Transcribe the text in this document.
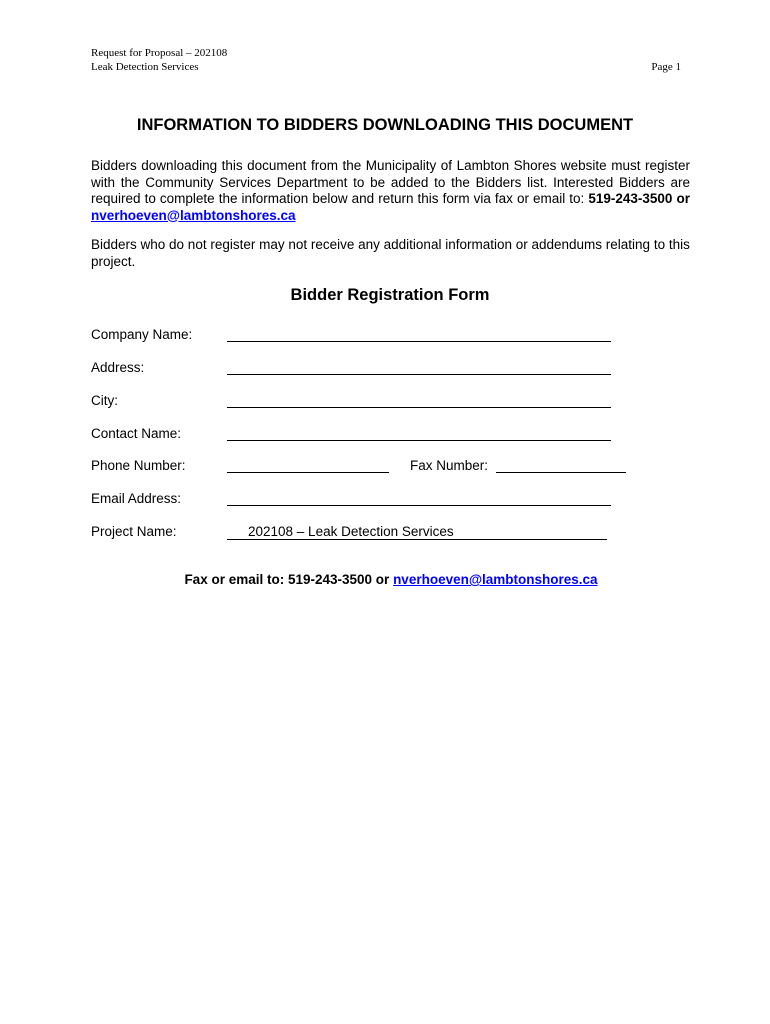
Request for Proposal – 202108
Leak Detection Services	Page 1
INFORMATION TO BIDDERS DOWNLOADING THIS DOCUMENT

Bidders downloading this document from the Municipality of Lambton Shores website must register with the Community Services Department to be added to the Bidders list. Interested Bidders are required to complete the information below and return this form via fax or email to: 519-243-3500 or nverhoeven@lambtonshores.ca

Bidders who do not register may not receive any additional information or addendums relating to this project.

Bidder Registration Form
Company Name:
Address:
City:
Contact Name:
Phone Number:	Fax Number:
Email Address:
Project Name:	202108 – Leak Detection Services

Fax or email to: 519-243-3500 or nverhoeven@lambtonshores.ca
